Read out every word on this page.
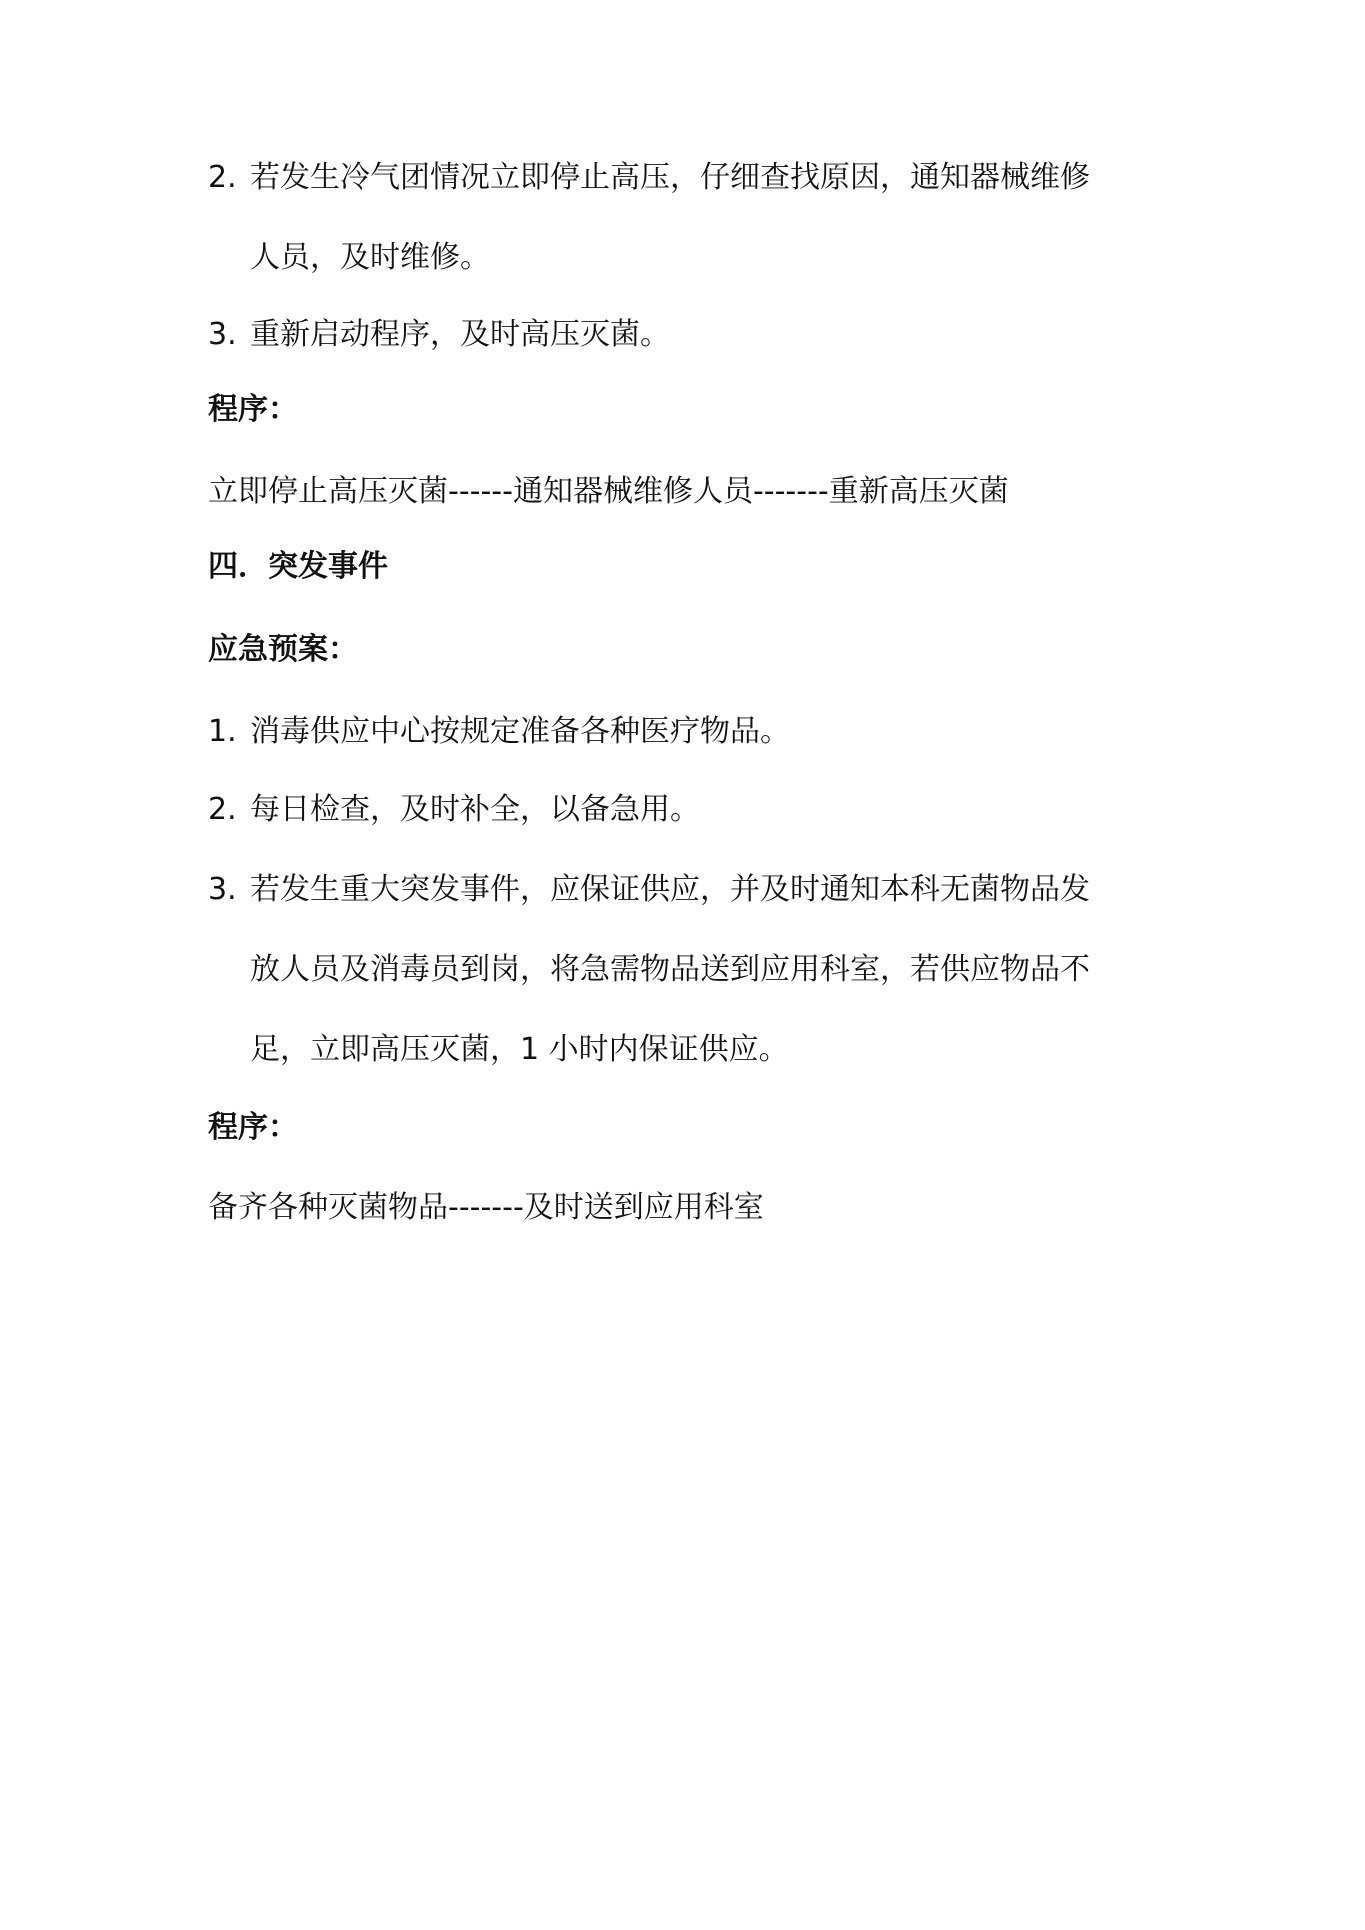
2. 若发生冷气团情况立即停止高压，仔细查找原因，通知器械维修
人员，及时维修。
3. 重新启动程序，及时高压灭菌。
程序：
立即停止高压灭菌------通知器械维修人员-------重新高压灭菌
四．突发事件
应急预案：
1. 消毒供应中心按规定准备各种医疗物品。
2. 每日检查，及时补全，以备急用。
3. 若发生重大突发事件，应保证供应，并及时通知本科无菌物品发
放人员及消毒员到岗，将急需物品送到应用科室，若供应物品不
足，立即高压灭菌，1 小时内保证供应。
程序：
备齐各种灭菌物品-------及时送到应用科室
